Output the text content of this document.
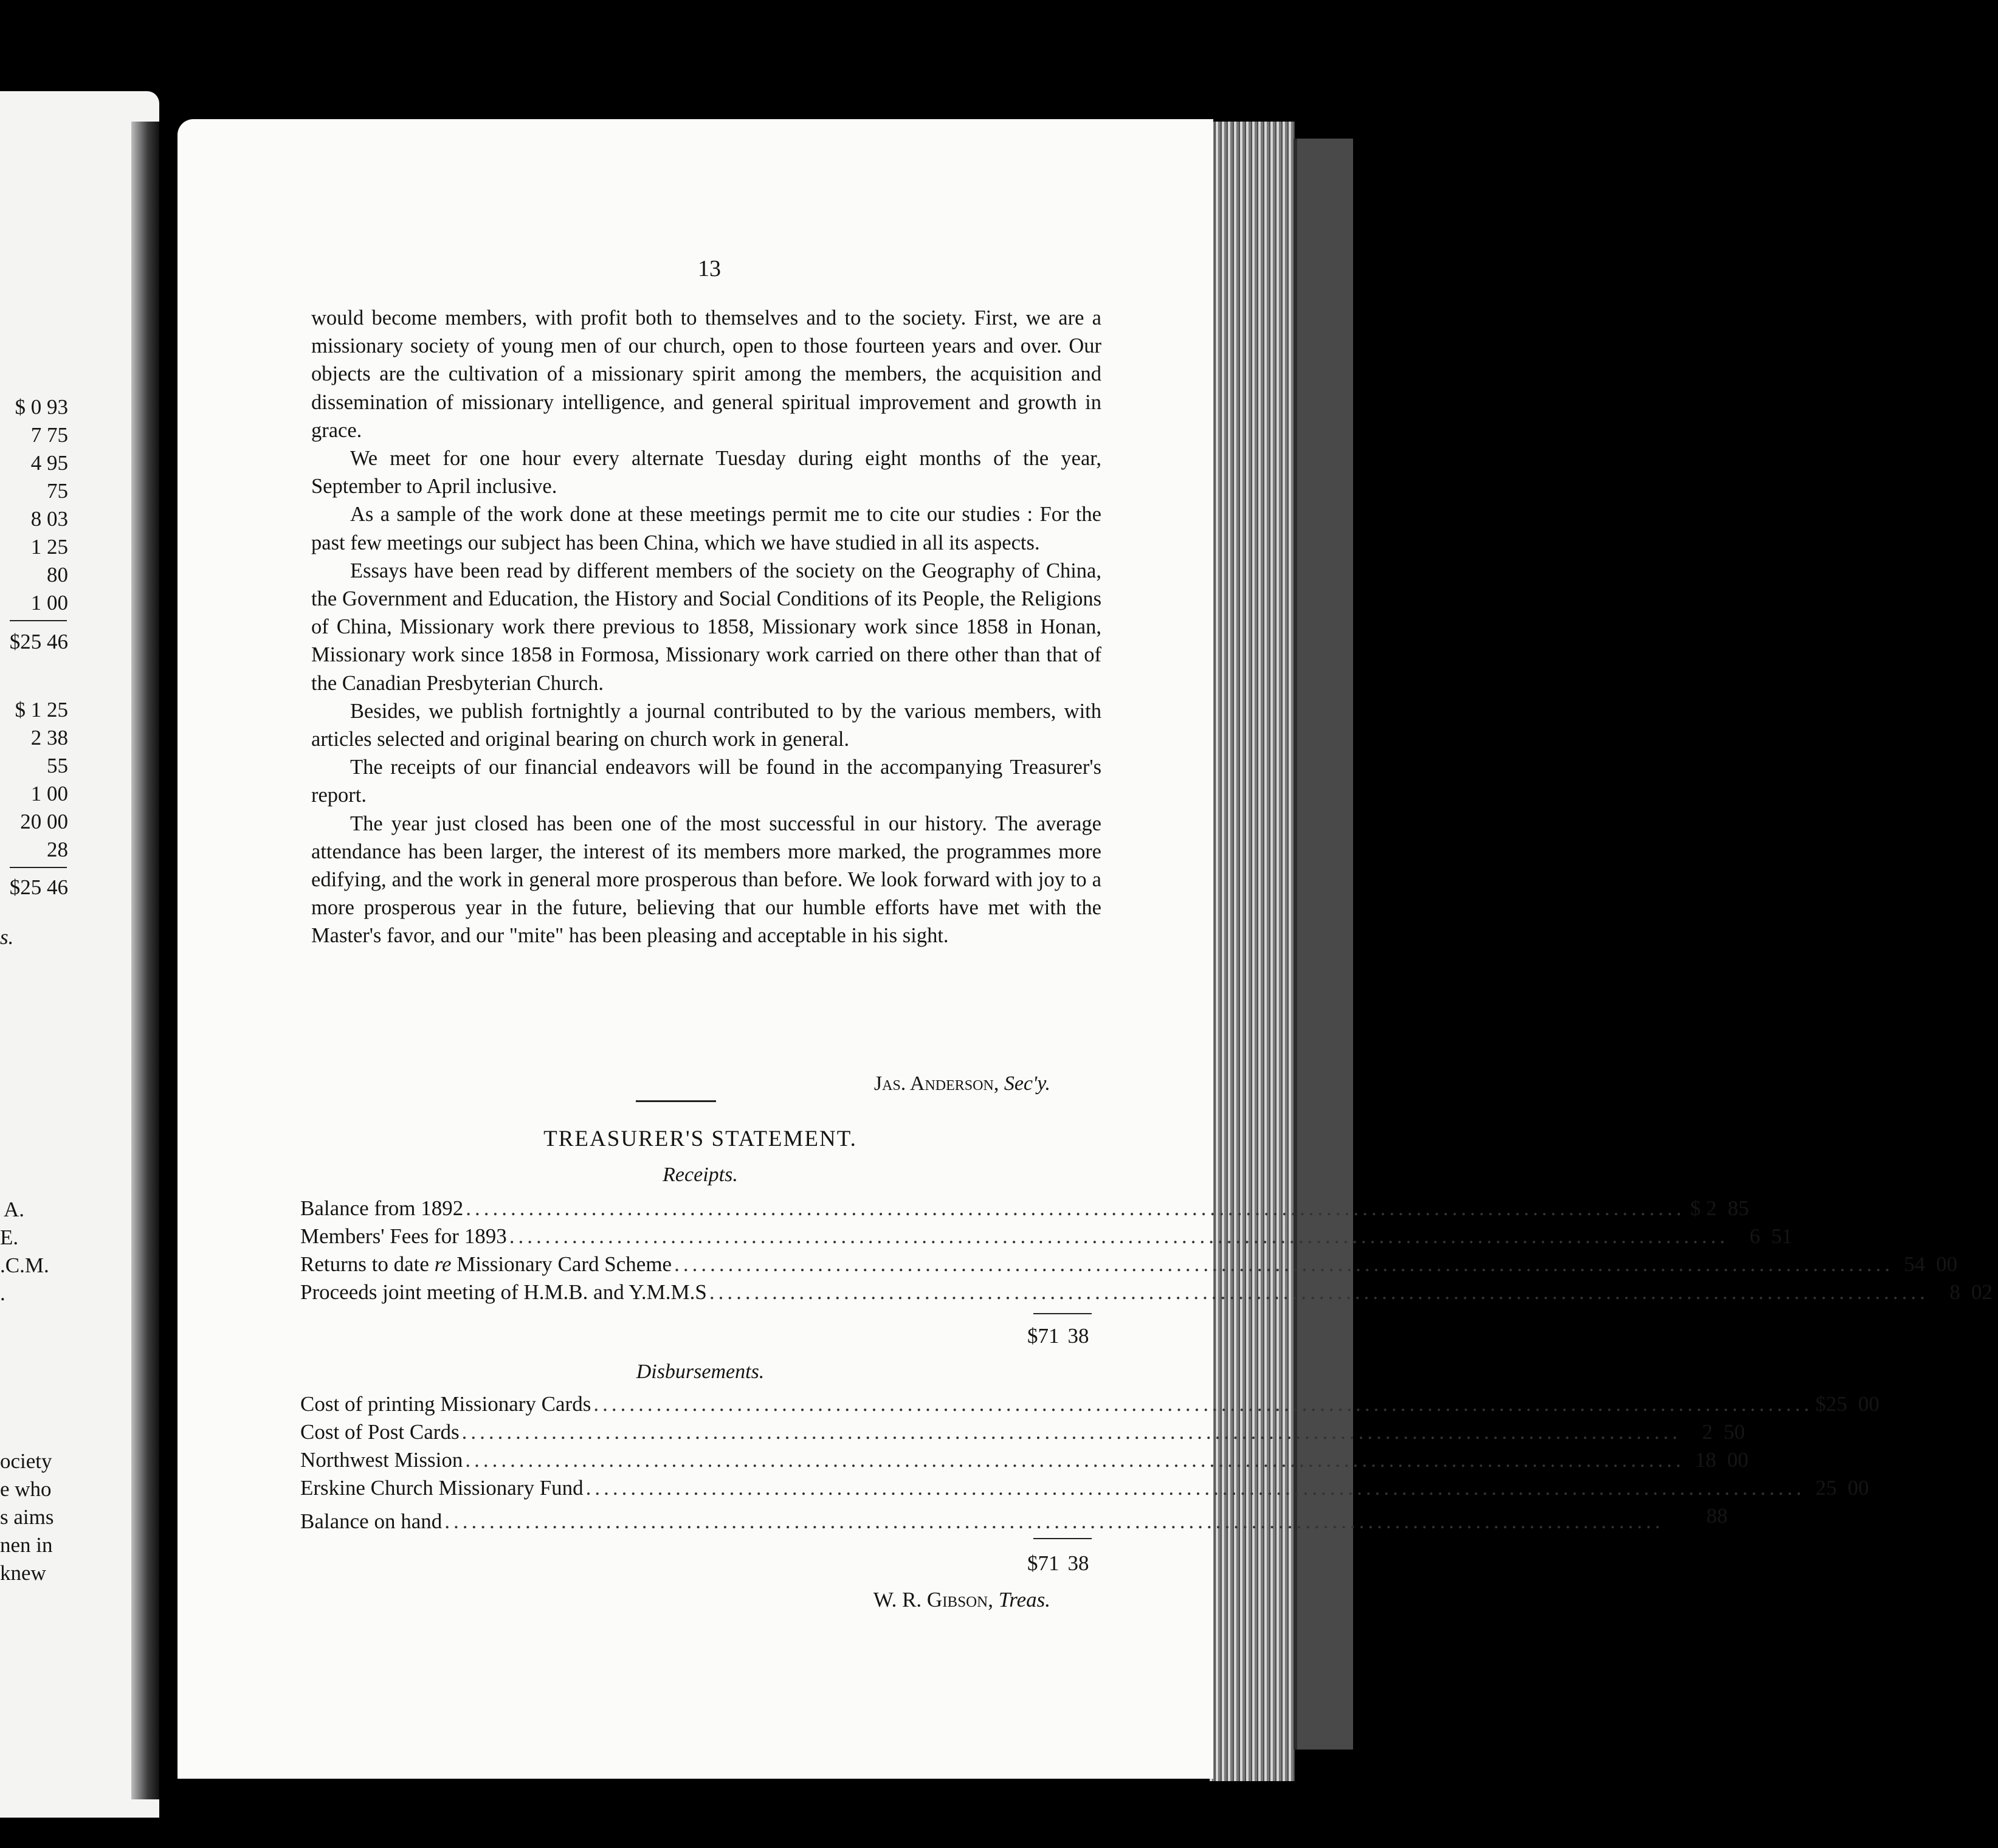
$ 0 93
7 75
4 95
75
8 03
1 25
80
1 00
$25 46
$ 1 25
2 38
55
1 00
20 00
28
$25 46
s.
A.
E.
.C.M.
.
ociety
e who
s aims
nen in
knew
13

would become members, with profit both to themselves and to the society. First, we are a missionary society of young men of our church, open to those fourteen years and over. Our objects are the cultivation of a missionary spirit among the members, the acquisition and dissemination of missionary intelligence, and general spiritual improvement and growth in grace.

We meet for one hour every alternate Tuesday during eight months of the year, September to April inclusive.

As a sample of the work done at these meetings permit me to cite our studies : For the past few meetings our subject has been China, which we have studied in all its aspects.

Essays have been read by different members of the society on the Geography of China, the Government and Education, the History and Social Conditions of its People, the Religions of China, Missionary work there previous to 1858, Missionary work since 1858 in Honan, Missionary work since 1858 in Formosa, Missionary work carried on there other than that of the Canadian Presbyterian Church.

Besides, we publish fortnightly a journal contributed to by the various members, with articles selected and original bearing on church work in general.

The receipts of our financial endeavors will be found in the accompanying Treasurer's report.

The year just closed has been one of the most successful in our history. The average attendance has been larger, the interest of its members more marked, the programmes more edifying, and the work in general more prosperous than before. We look forward with joy to a more prosperous year in the future, believing that our humble efforts have met with the Master's favor, and our "mite" has been pleasing and acceptable in his sight.

Jas. Anderson, Sec'y.
TREASURER'S STATEMENT.
Receipts.
Balance from 1892 ........................................................................................................................................ $ 2 85
Members' Fees for 1893 ........................................................................................................................................ 6 51
Returns to date re Missionary Card Scheme ........................................................................................................................................ 54 00
Proceeds joint meeting of H.M.B. and Y.M.M.S ........................................................................................................................................ 8 02
$71 38
Disbursements.
Cost of printing Missionary Cards ........................................................................................................................................ $25 00
Cost of Post Cards ........................................................................................................................................ 2 50
Northwest Mission ........................................................................................................................................ 18 00
Erskine Church Missionary Fund ........................................................................................................................................ 25 00
Balance on hand ........................................................................................................................................ 88
$71 38
W. R. Gibson, Treas.
